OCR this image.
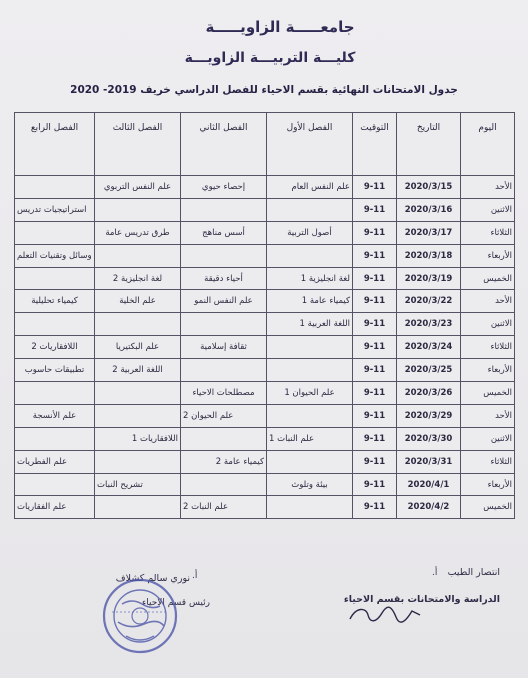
جامعـــــة الزاويـــــة
كليـــة التربيـــة الزاويـــة
جدول الامتحانات النهائية بقسم الاحياء للفصل الدراسي خريف 2019- 2020
اليوم	التاريخ	التوقيت	الفصل الأول	الفصل الثاني	الفصل الثالث	الفصل الرابع
الأحد	2020/3/15	9-11	علم النفس العام	إحصاء حيوي	علم النفس التربوي	
الاثنين	2020/3/16	9-11				استراتيجيات تدريس
الثلاثاء	2020/3/17	9-11	أصول التربية	أسس مناهج	طرق تدريس عامة	
الأربعاء	2020/3/18	9-11				وسائل وتقنيات التعلم
الخميس	2020/3/19	9-11	لغة انجليزية 1	أحياء دقيقة	لغة انجليزية 2	
الأحد	2020/3/22	9-11	كيمياء عامة 1	علم النفس النمو	علم الخلية	كيمياء تحليلية
الاثنين	2020/3/23	9-11	اللغة العربية 1			
الثلاثاء	2020/3/24	9-11		ثقافة إسلامية	علم البكتيريا	اللافقاريات 2
الأربعاء	2020/3/25	9-11			اللغة العربية 2	تطبيقات حاسوب
الخميس	2020/3/26	9-11	علم الحيوان 1	مصطلحات الاحياء		
الأحد	2020/3/29	9-11		علم الحيوان 2		علم الأنسجة
الاثنين	2020/3/30	9-11	علم النبات 1		اللافقاريات 1	
الثلاثاء	2020/3/31	9-11		كيمياء عامة 2		علم الفطريات
الأربعاء	2020/4/1	9-11	بيئة وتلوث		تشريح النبات	
الخميس	2020/4/2	9-11		علم النبات 2		علم الفقاريات
أ.	انتصار الطيب
الدراسة والامتحانات بقسم الاحياء
أ.
نوري سالم كشلاف
رئيس قسم الاحياء
